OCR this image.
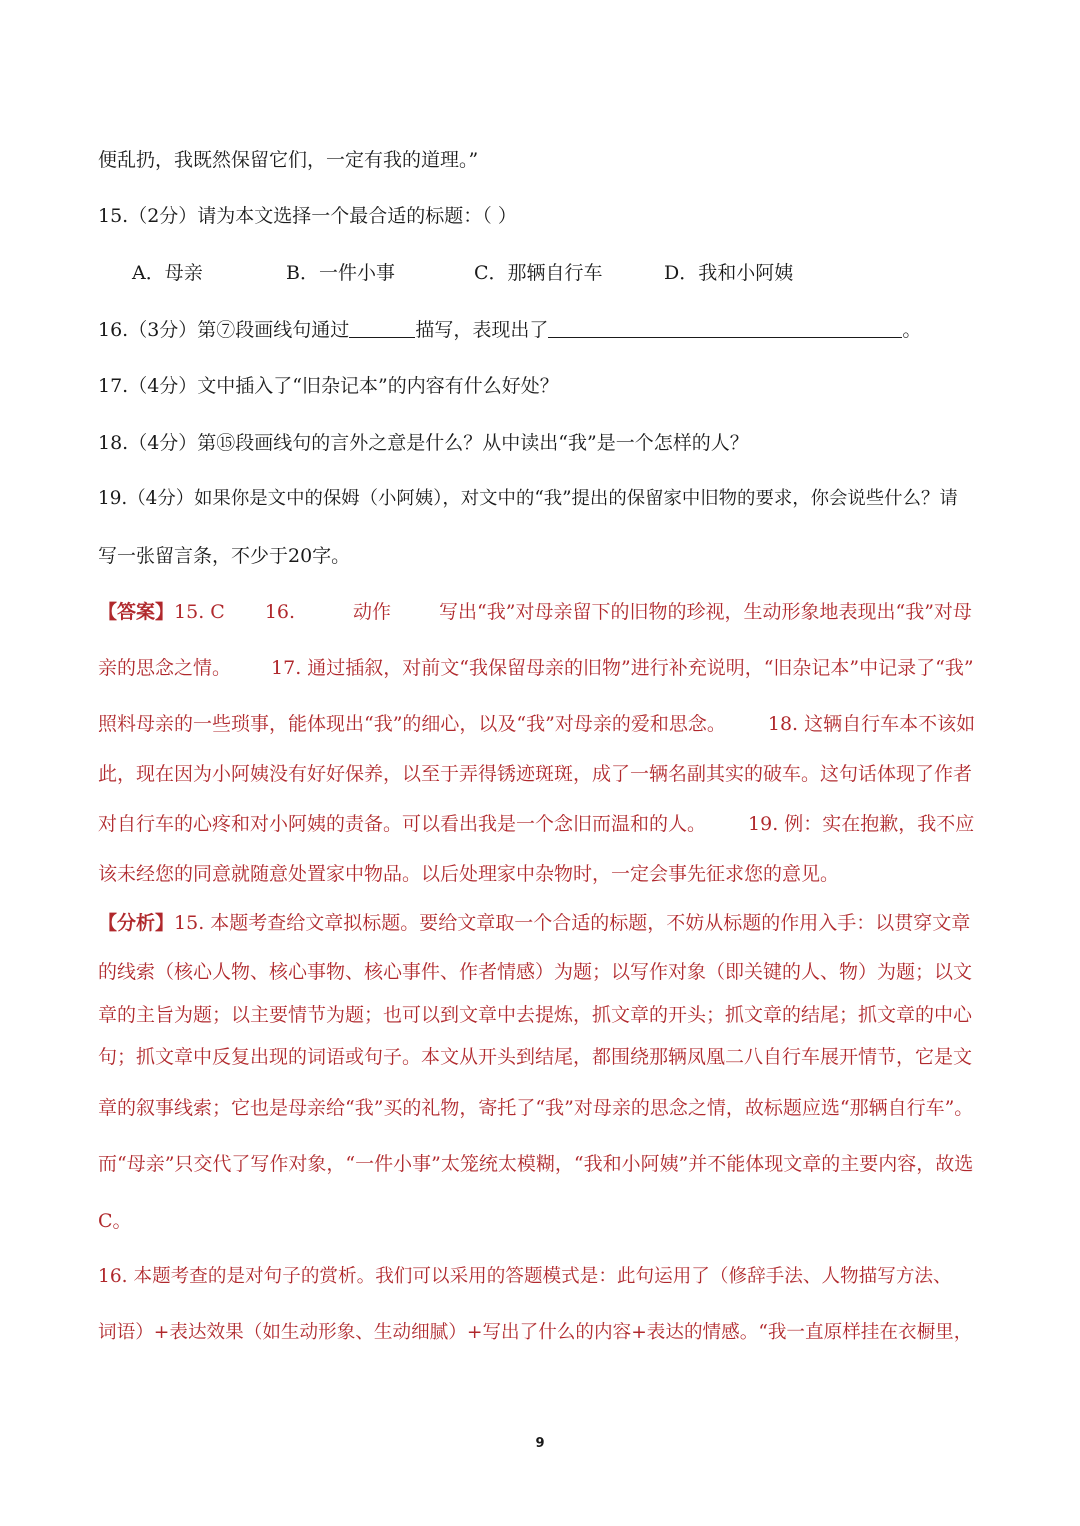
便乱扔，我既然保留它们，一定有我的道理。”
15.（2分）请为本文选择一个最合适的标题：（ ）
A．母亲	B．一件小事	C．那辆自行车	D．我和小阿姨
16.（3分）第⑦段画线句通过	描写，表现出了	。
17.（4分）文中插入了“旧杂记本”的内容有什么好处？
18.（4分）第⑮段画线句的言外之意是什么？从中读出“我”是一个怎样的人？
19.（4分）如果你是文中的保姆（小阿姨），对文中的“我”提出的保留家中旧物的要求，你会说些什么？请
写一张留言条，不少于20字。
【答案】15. C 16.	动作	写出“我”对母亲留下的旧物的珍视，生动形象地表现出“我”对母
亲的思念之情。 17. 通过插叙，对前文“我保留母亲的旧物”进行补充说明，“旧杂记本”中记录了“我”
照料母亲的一些琐事，能体现出“我”的细心，以及“我”对母亲的爱和思念。 18. 这辆自行车本不该如
此，现在因为小阿姨没有好好保养，以至于弄得锈迹斑斑，成了一辆名副其实的破车。这句话体现了作者
对自行车的心疼和对小阿姨的责备。可以看出我是一个念旧而温和的人。 19. 例：实在抱歉，我不应
该未经您的同意就随意处置家中物品。以后处理家中杂物时，一定会事先征求您的意见。
【分析】15. 本题考查给文章拟标题。要给文章取一个合适的标题，不妨从标题的作用入手：以贯穿文章
的线索（核心人物、核心事物、核心事件、作者情感）为题；以写作对象（即关键的人、物）为题；以文
章的主旨为题；以主要情节为题；也可以到文章中去提炼，抓文章的开头；抓文章的结尾；抓文章的中心
句；抓文章中反复出现的词语或句子。本文从开头到结尾，都围绕那辆凤凰二八自行车展开情节，它是文
章的叙事线索；它也是母亲给“我”买的礼物，寄托了“我”对母亲的思念之情，故标题应选“那辆自行车”。
而“母亲”只交代了写作对象，“一件小事”太笼统太模糊，“我和小阿姨”并不能体现文章的主要内容，故选
C。
16. 本题考查的是对句子的赏析。我们可以采用的答题模式是：此句运用了（修辞手法、人物描写方法、
词语）+表达效果（如生动形象、生动细腻）+写出了什么的内容+表达的情感。“我一直原样挂在衣橱里，
9
